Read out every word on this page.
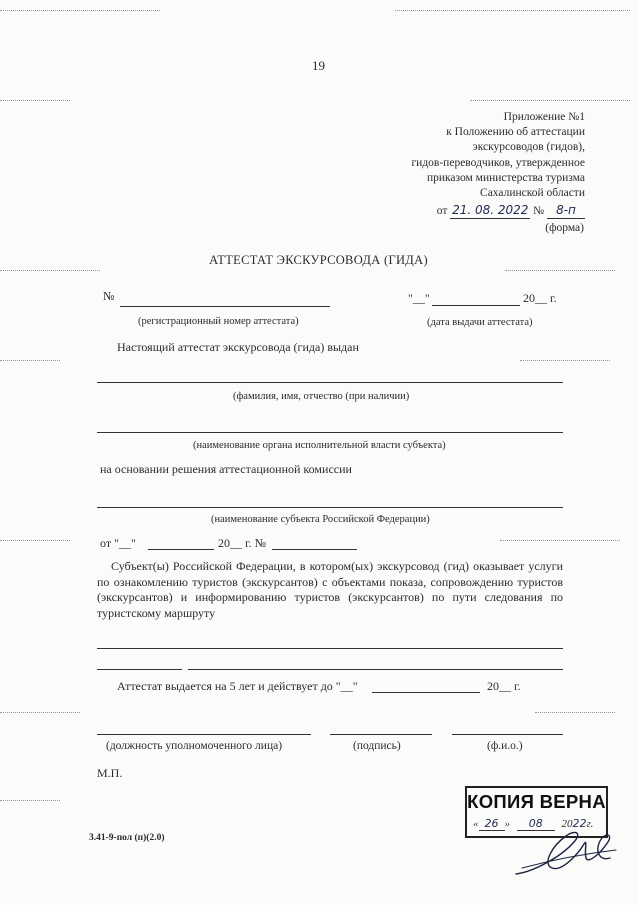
19
Приложение №1
к Положению об аттестации
экскурсоводов (гидов),
гидов-переводчиков, утвержденное
приказом министерства туризма
Сахалинской области
от 21. 08. 2022 № 8-п
(форма)
АТТЕСТАТ ЭКСКУРСОВОДА (ГИДА)
№
(регистрационный номер аттестата)
"__"	20__ г.
(дата выдачи аттестата)
Настоящий аттестат экскурсовода (гида) выдан
(фамилия, имя, отчество (при наличии)
(наименование органа исполнительной власти субъекта)
на основании решения аттестационной комиссии
(наименование субъекта Российской Федерации)
от "__"	20__ г. №
Субъект(ы) Российской Федерации, в котором(ых) экскурсовод (гид) оказывает услуги по ознакомлению туристов (экскурсантов) с объектами показа, сопровождению туристов (экскурсантов) и информированию туристов (экскурсантов) по пути следования по туристскому маршруту
Аттестат выдается на 5 лет и действует до "__"	20__ г.
(должность уполномоченного лица)	(подпись)	(ф.и.о.)
М.П.
3.41-9-пол (п)(2.0)
КОПИЯ ВЕРНА
« 26 » 08 2022г.
